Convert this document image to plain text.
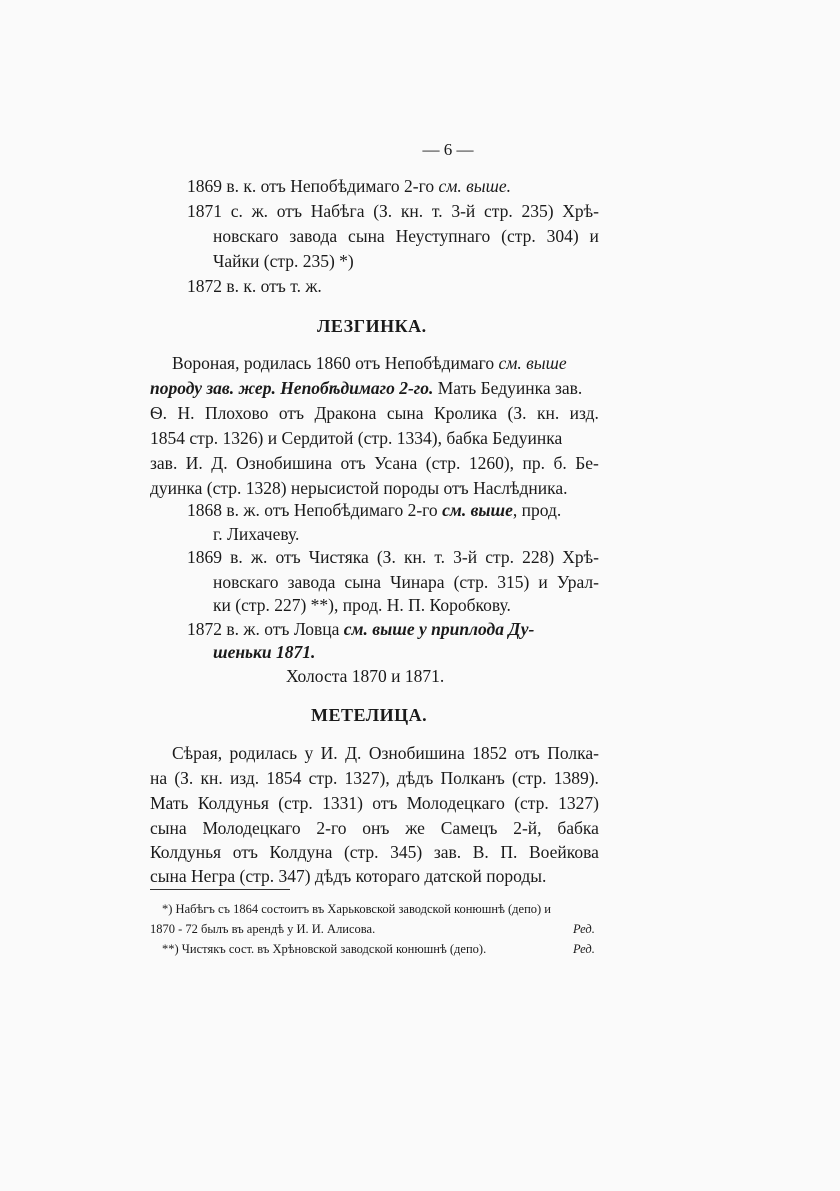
— 6 —
1869 в. к. отъ Непобѣдимаго 2-го см. выше.
1871 с. ж. отъ Набѣга (З. кн. т. 3-й стр. 235) Хрѣ-
новскаго завода сына Неуступнаго (стр. 304) и
Чайки (стр. 235) *)
1872 в. к. отъ т. ж.
ЛЕЗГИНКА.
Вороная, родилась 1860 отъ Непобѣдимаго см. выше
породу зав. жер. Непобѣдимаго 2-го. Мать Бедуинка зав.
Ѳ. Н. Плохово отъ Дракона сына Кролика (З. кн. изд.
1854 стр. 1326) и Сердитой (стр. 1334), бабка Бедуинка
зав. И. Д. Ознобишина отъ Усана (стр. 1260), пр. б. Бе-
дуинка (стр. 1328) нерысистой породы отъ Наслѣдника.
1868 в. ж. отъ Непобѣдимаго 2-го см. выше, прод.
г. Лихачеву.
1869 в. ж. отъ Чистяка (З. кн. т. 3-й стр. 228) Хрѣ-
новскаго завода сына Чинара (стр. 315) и Урал-
ки (стр. 227) **), прод. Н. П. Коробкову.
1872 в. ж. отъ Ловца см. выше у приплода Ду-
шеньки 1871.
Холоста 1870 и 1871.
МЕТЕЛИЦА.
Сѣрая, родилась у И. Д. Ознобишина 1852 отъ Полка-
на (З. кн. изд. 1854 стр. 1327), дѣдъ Полканъ (стр. 1389).
Мать Колдунья (стр. 1331) отъ Молодецкаго (стр. 1327)
сына Молодецкаго 2-го онъ же Самецъ 2-й, бабка
Колдунья отъ Колдуна (стр. 345) зав. В. П. Воейкова
сына Негра (стр. 347) дѣдъ котораго датской породы.
*) Набѣгъ съ 1864 состоитъ въ Харьковской заводской конюшнѣ (депо) и
1870 - 72 былъ въ арендѣ у И. И. Алисова.	Ред.
**) Чистякъ сост. въ Хрѣновской заводской конюшнѣ (депо).	Ред.
